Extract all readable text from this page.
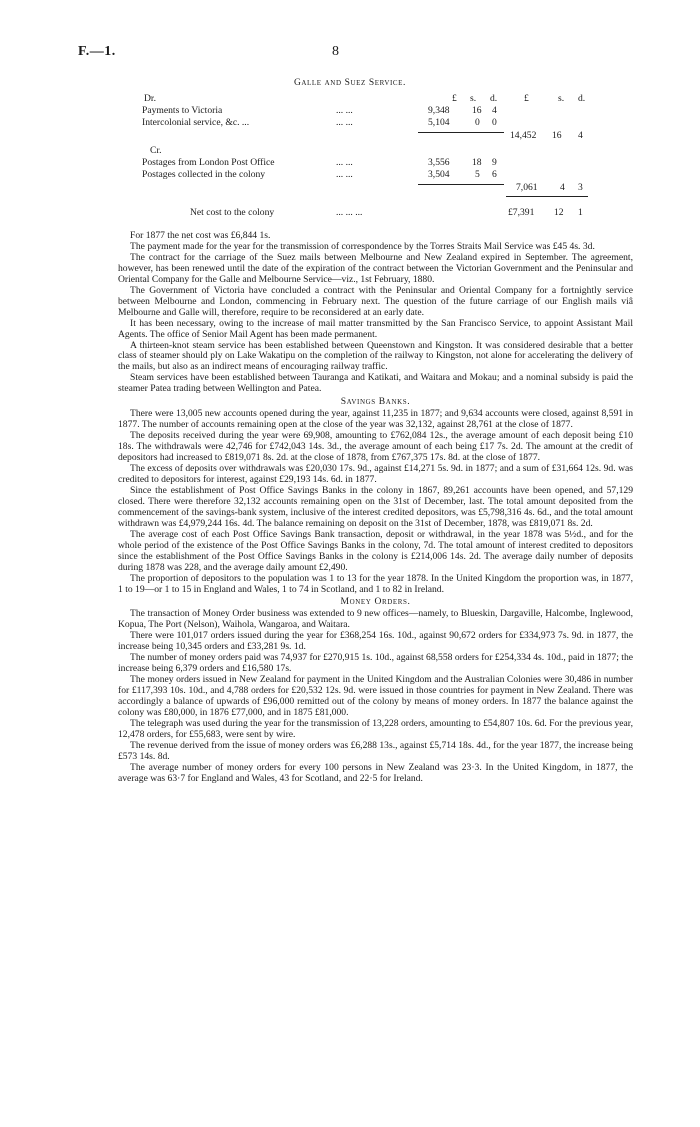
F.—1.	8
Galle and Suez Service.
Dr.	£ s. d.	£	s. d.
Payments to Victoria	... ...	9,348 16 4
Intercolonial service, &c. ...	... ...	5,104	0 0
14,452 16 4
Cr.
Postages from London Post Office	... ...	3,556 18 9
Postages collected in the colony	... ...	3,504	5 6
7,061 4 3
Net cost to the colony	... ... ...	£7,391 12 1

For 1877 the net cost was £6,844 1s.

The payment made for the year for the transmission of correspondence by the Torres Straits Mail Service was £45 4s. 3d.

The contract for the carriage of the Suez mails between Melbourne and New Zealand expired in September. The agreement, however, has been renewed until the date of the expiration of the contract between the Victorian Government and the Peninsular and Oriental Company for the Galle and Melbourne Service—viz., 1st February, 1880.

The Government of Victoria have concluded a contract with the Peninsular and Oriental Company for a fortnightly service between Melbourne and London, commencing in February next. The question of the future carriage of our English mails viâ Melbourne and Galle will, therefore, require to be reconsidered at an early date.

It has been necessary, owing to the increase of mail matter transmitted by the San Francisco Service, to appoint Assistant Mail Agents. The office of Senior Mail Agent has been made permanent.

A thirteen-knot steam service has been established between Queenstown and Kingston. It was considered desirable that a better class of steamer should ply on Lake Wakatipu on the completion of the railway to Kingston, not alone for accelerating the delivery of the mails, but also as an indirect means of encouraging railway traffic.

Steam services have been established between Tauranga and Katikati, and Waitara and Mokau; and a nominal subsidy is paid the steamer Patea trading between Wellington and Patea.

Savings Banks.

There were 13,005 new accounts opened during the year, against 11,235 in 1877; and 9,634 accounts were closed, against 8,591 in 1877. The number of accounts remaining open at the close of the year was 32,132, against 28,761 at the close of 1877.

The deposits received during the year were 69,908, amounting to £762,084 12s., the average amount of each deposit being £10 18s. The withdrawals were 42,746 for £742,043 14s. 3d., the average amount of each being £17 7s. 2d. The amount at the credit of depositors had increased to £819,071 8s. 2d. at the close of 1878, from £767,375 17s. 8d. at the close of 1877.

The excess of deposits over withdrawals was £20,030 17s. 9d., against £14,271 5s. 9d. in 1877; and a sum of £31,664 12s. 9d. was credited to depositors for interest, against £29,193 14s. 6d. in 1877.

Since the establishment of Post Office Savings Banks in the colony in 1867, 89,261 accounts have been opened, and 57,129 closed. There were therefore 32,132 accounts remaining open on the 31st of December, last. The total amount deposited from the commencement of the savings-bank system, inclusive of the interest credited depositors, was £5,798,316 4s. 6d., and the total amount withdrawn was £4,979,244 16s. 4d. The balance remaining on deposit on the 31st of December, 1878, was £819,071 8s. 2d.

The average cost of each Post Office Savings Bank transaction, deposit or withdrawal, in the year 1878 was 5½d., and for the whole period of the existence of the Post Office Savings Banks in the colony, 7d. The total amount of interest credited to depositors since the establishment of the Post Office Savings Banks in the colony is £214,006 14s. 2d. The average daily number of deposits during 1878 was 228, and the average daily amount £2,490.

The proportion of depositors to the population was 1 to 13 for the year 1878. In the United Kingdom the proportion was, in 1877, 1 to 19—or 1 to 15 in England and Wales, 1 to 74 in Scotland, and 1 to 82 in Ireland.

Money Orders.

The transaction of Money Order business was extended to 9 new offices—namely, to Blueskin, Dargaville, Halcombe, Inglewood, Kopua, The Port (Nelson), Waihola, Wangaroa, and Waitara.

There were 101,017 orders issued during the year for £368,254 16s. 10d., against 90,672 orders for £334,973 7s. 9d. in 1877, the increase being 10,345 orders and £33,281 9s. 1d.

The number of money orders paid was 74,937 for £270,915 1s. 10d., against 68,558 orders for £254,334 4s. 10d., paid in 1877; the increase being 6,379 orders and £16,580 17s.

The money orders issued in New Zealand for payment in the United Kingdom and the Australian Colonies were 30,486 in number for £117,393 10s. 10d., and 4,788 orders for £20,532 12s. 9d. were issued in those countries for payment in New Zealand. There was accordingly a balance of upwards of £96,000 remitted out of the colony by means of money orders. In 1877 the balance against the colony was £80,000, in 1876 £77,000, and in 1875 £81,000.

The telegraph was used during the year for the transmission of 13,228 orders, amounting to £54,807 10s. 6d. For the previous year, 12,478 orders, for £55,683, were sent by wire.

The revenue derived from the issue of money orders was £6,288 13s., against £5,714 18s. 4d., for the year 1877, the increase being £573 14s. 8d.

The average number of money orders for every 100 persons in New Zealand was 23·3. In the United Kingdom, in 1877, the average was 63·7 for England and Wales, 43 for Scotland, and 22·5 for Ireland.
